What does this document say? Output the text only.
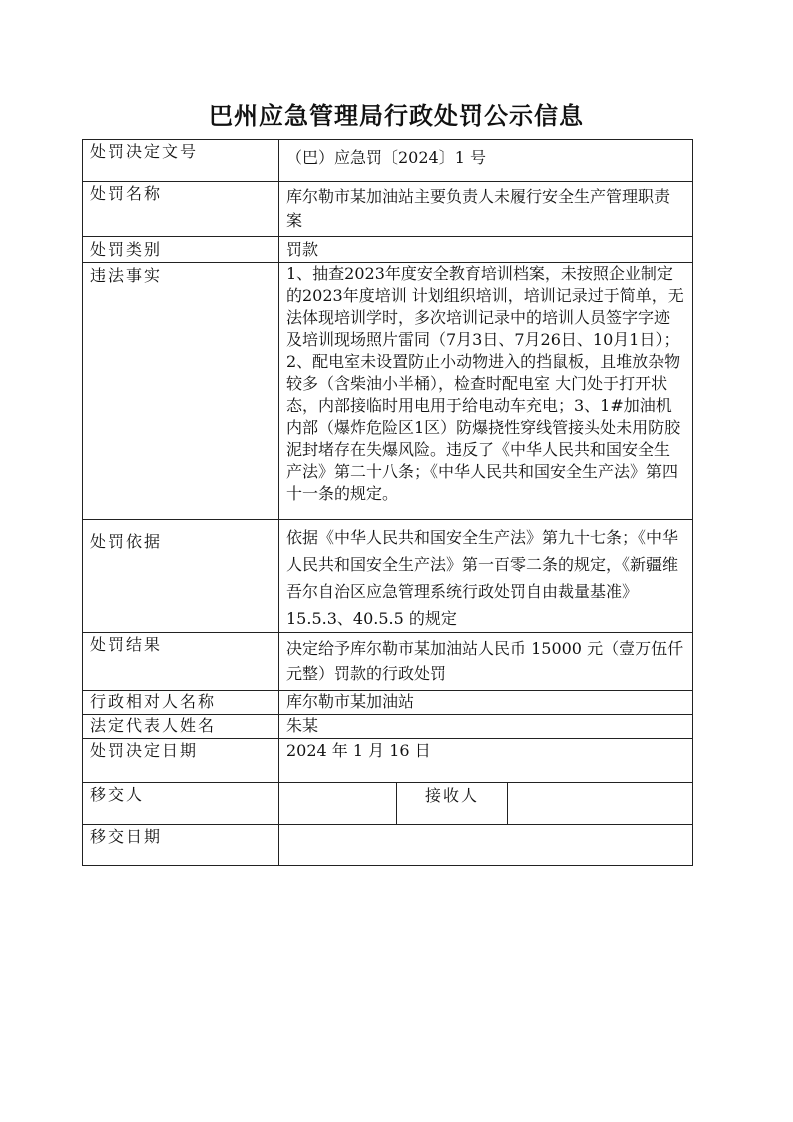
巴州应急管理局行政处罚公示信息
处罚决定文号	（巴）应急罚〔2024〕1 号		
处罚名称	库尔勒市某加油站主要负责人未履行安全生产管理职责案		
处罚类别	罚款		
违法事实	1、抽查2023年度安全教育培训档案，未按照企业制定的2023年度培训 计划组织培训，培训记录过于简单，无法体现培训学时，多次培训记录中的培训人员签字字迹 及培训现场照片雷同（7月3日、7月26日、10月1日）；2、配电室未设置防止小动物进入的挡鼠板，且堆放杂物较多（含柴油小半桶），检查时配电室 大门处于打开状态，内部接临时用电用于给电动车充电；3、1#加油机内部（爆炸危险区1区）防爆挠性穿线管接头处未用防胶泥封堵存在失爆风险。违反了《中华人民共和国安全生产法》第二十八条；《中华人民共和国安全生产法》第四十一条的规定。		
处罚依据	依据《中华人民共和国安全生产法》第九十七条；《中华人民共和国安全生产法》第一百零二条的规定，《新疆维吾尔自治区应急管理系统行政处罚自由裁量基准》15.5.3、40.5.5 的规定		
处罚结果	决定给予库尔勒市某加油站人民币 15000 元（壹万伍仟元整）罚款的行政处罚		
行政相对人名称	库尔勒市某加油站		
法定代表人姓名	朱某		
处罚决定日期	2024 年 1 月 16 日		
移交人		接收人	
移交日期			
